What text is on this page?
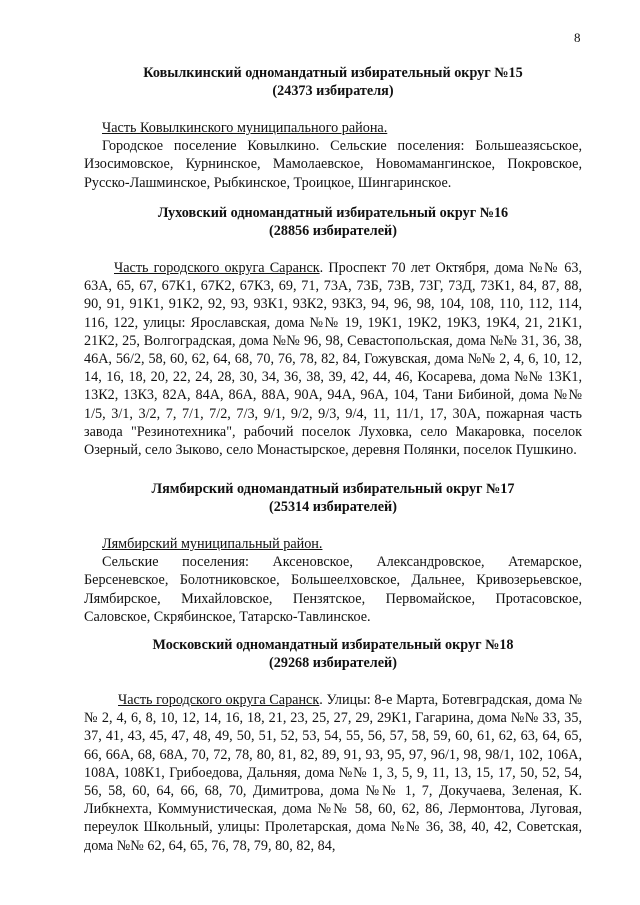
8
Ковылкинский одномандатный избирательный округ №15
(24373 избирателя)
Часть Ковылкинского муниципального района.
Городское поселение Ковылкино. Сельские поселения: Большеазясьское, Изосимовское, Курнинское, Мамолаевское, Новомамангинское, Покровское, Русско-Лашминское, Рыбкинское, Троицкое, Шингаринское.
Луховский одномандатный избирательный округ №16
(28856 избирателей)
Часть городского округа Саранск. Проспект 70 лет Октября, дома №№ 63, 63А, 65, 67, 67К1, 67К2, 67К3, 69, 71, 73А, 73Б, 73В, 73Г, 73Д, 73К1, 84, 87, 88, 90, 91, 91К1, 91К2, 92, 93, 93К1, 93К2, 93К3, 94, 96, 98, 104, 108, 110, 112, 114, 116, 122, улицы: Ярославская, дома №№ 19, 19К1, 19К2, 19К3, 19К4, 21, 21К1, 21К2, 25, Волгоградская, дома №№ 96, 98, Севастопольская, дома №№ 31, 36, 38, 46А, 56/2, 58, 60, 62, 64, 68, 70, 76, 78, 82, 84, Гожувская, дома №№ 2, 4, 6, 10, 12, 14, 16, 18, 20, 22, 24, 28, 30, 34, 36, 38, 39, 42, 44, 46, Косарева, дома №№ 13К1, 13К2, 13К3, 82А, 84А, 86А, 88А, 90А, 94А, 96А, 104, Тани Бибиной, дома №№ 1/5, 3/1, 3/2, 7, 7/1, 7/2, 7/3, 9/1, 9/2, 9/3, 9/4, 11, 11/1, 17, 30А, пожарная часть завода "Резинотехника", рабочий поселок Луховка, село Макаровка, поселок Озерный, село Зыково, село Монастырское, деревня Полянки, поселок Пушкино.
Лямбирский одномандатный избирательный округ №17
(25314 избирателей)
Лямбирский муниципальный район.
Сельские поселения: Аксеновское, Александровское, Атемарское, Берсеневское, Болотниковское, Большеелховское, Дальнее, Кривозерьевское, Лямбирское, Михайловское, Пензятское, Первомайское, Протасовское, Саловское, Скрябинское, Татарско-Тавлинское.
Московский одномандатный избирательный округ №18
(29268 избирателей)
Часть городского округа Саранск. Улицы: 8-е Марта, Ботевградская, дома №№ 2, 4, 6, 8, 10, 12, 14, 16, 18, 21, 23, 25, 27, 29, 29К1, Гагарина, дома №№ 33, 35, 37, 41, 43, 45, 47, 48, 49, 50, 51, 52, 53, 54, 55, 56, 57, 58, 59, 60, 61, 62, 63, 64, 65, 66, 66А, 68, 68А, 70, 72, 78, 80, 81, 82, 89, 91, 93, 95, 97, 96/1, 98, 98/1, 102, 106А, 108А, 108К1, Грибоедова, Дальняя, дома №№ 1, 3, 5, 9, 11, 13, 15, 17, 50, 52, 54, 56, 58, 60, 64, 66, 68, 70, Димитрова, дома №№ 1, 7, Докучаева, Зеленая, К. Либкнехта, Коммунистическая, дома №№ 58, 60, 62, 86, Лермонтова, Луговая, переулок Школьный, улицы: Пролетарская, дома №№ 36, 38, 40, 42, Советская, дома №№ 62, 64, 65, 76, 78, 79, 80, 82, 84,
